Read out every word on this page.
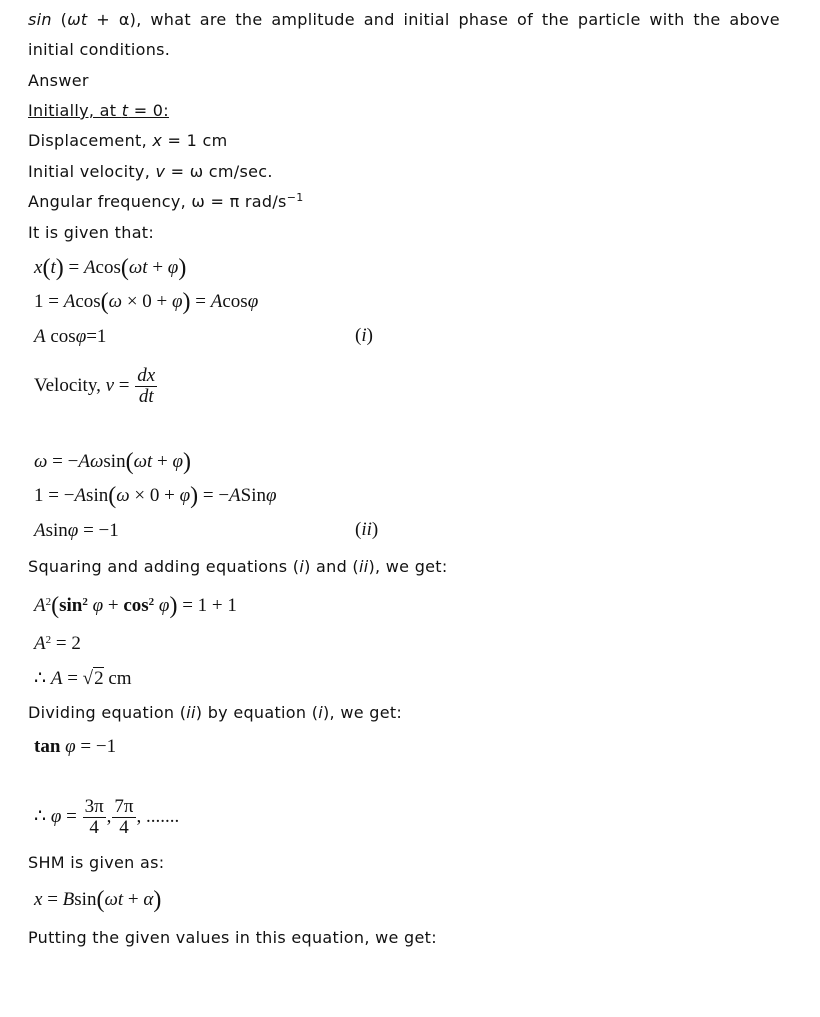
sin (ωt + α), what are the amplitude and initial phase of the particle with the above
initial conditions.
Answer
Initially, at t = 0:
Displacement, x = 1 cm
Initial velocity, v = ω cm/sec.
Angular frequency, ω = π rad/$s^{-1}$
It is given that:
x(t) = Acos(ωt + φ)
1 = Acos(ω × 0 + φ) = Acosφ
A cosφ=1	(i)
Velocity, $v = \frac{dx}{dt}$
ω = −Aωsin(ωt + φ)
1 = −Asin(ω × 0 + φ) = −ASinφ
Asinφ = −1	(ii)
Squaring and adding equations (i) and (ii), we get:
$A^2(\sin^2$ $\varphi + \cos^2 \varphi) = 1 + 1$
$A^2 = 2$
∴ A = √2 cm
Dividing equation (ii) by equation (i), we get:
tan φ = −1
∴ $\varphi = \frac{3\pi}{4}$ , $\frac{7\pi}{4}$ , .......
SHM is given as:
x = Bsin(ωt + α)
Putting the given values in this equation, we get:
